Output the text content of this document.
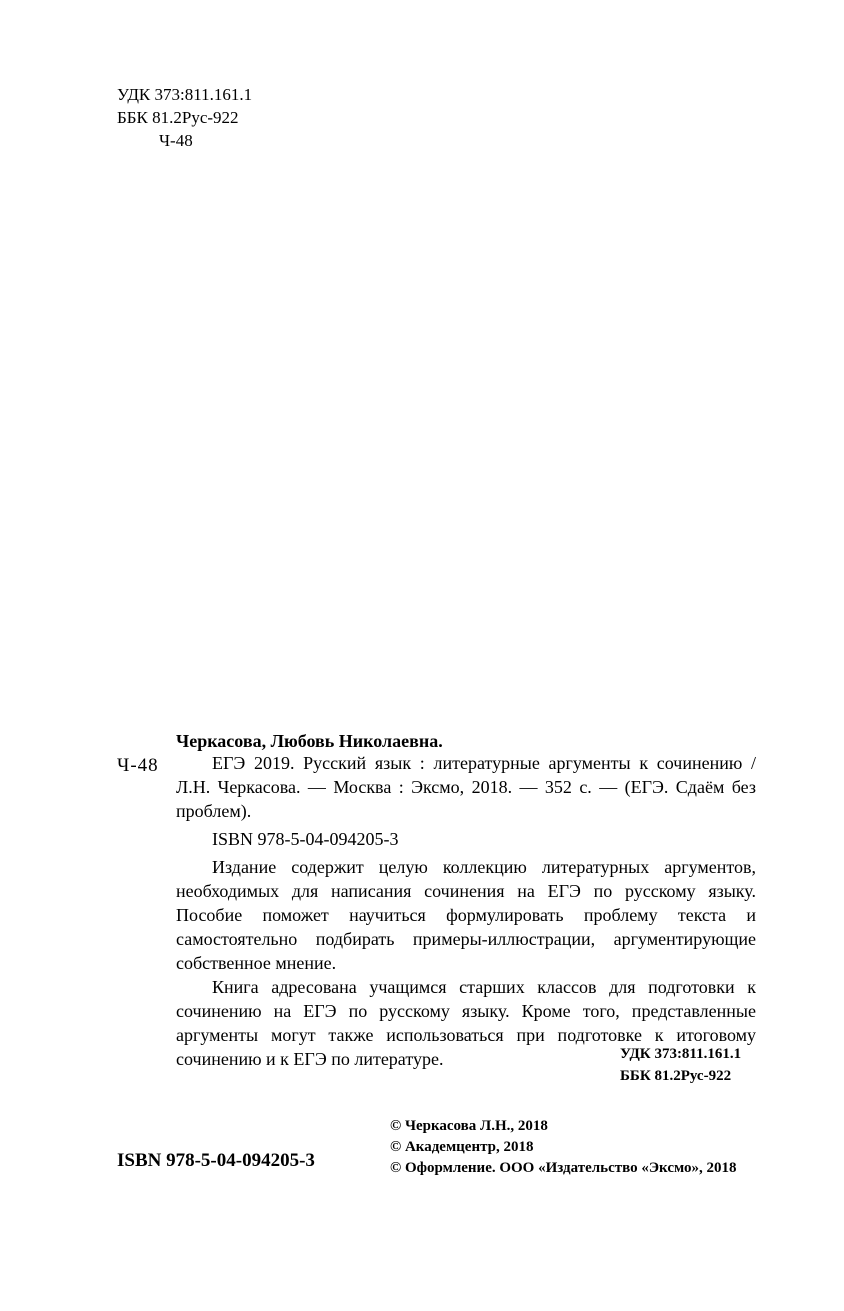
УДК 373:811.161.1
ББК 81.2Рус-922
Ч-48
Черкасова, Любовь Николаевна.
Ч-48	ЕГЭ 2019. Русский язык : литературные аргументы к сочинению / Л.Н. Черкасова. — Москва : Эксмо, 2018. — 352 с. — (ЕГЭ. Сдаём без проблем).

ISBN 978-5-04-094205-3

Издание содержит целую коллекцию литературных аргументов, необходимых для написания сочинения на ЕГЭ по русскому языку. Пособие поможет научиться формулировать проблему текста и самостоятельно подбирать примеры-иллюстрации, аргументирующие собственное мнение.

Книга адресована учащимся старших классов для подготовки к сочинению на ЕГЭ по русскому языку. Кроме того, представленные аргументы могут также использоваться при подготовке к итоговому сочинению и к ЕГЭ по литературе.	УДК 373:811.161.1
ББК 81.2Рус-922
© Черкасова Л.Н., 2018
© Академцентр, 2018
© Оформление. ООО «Издательство «Эксмо», 2018
ISBN 978-5-04-094205-3
